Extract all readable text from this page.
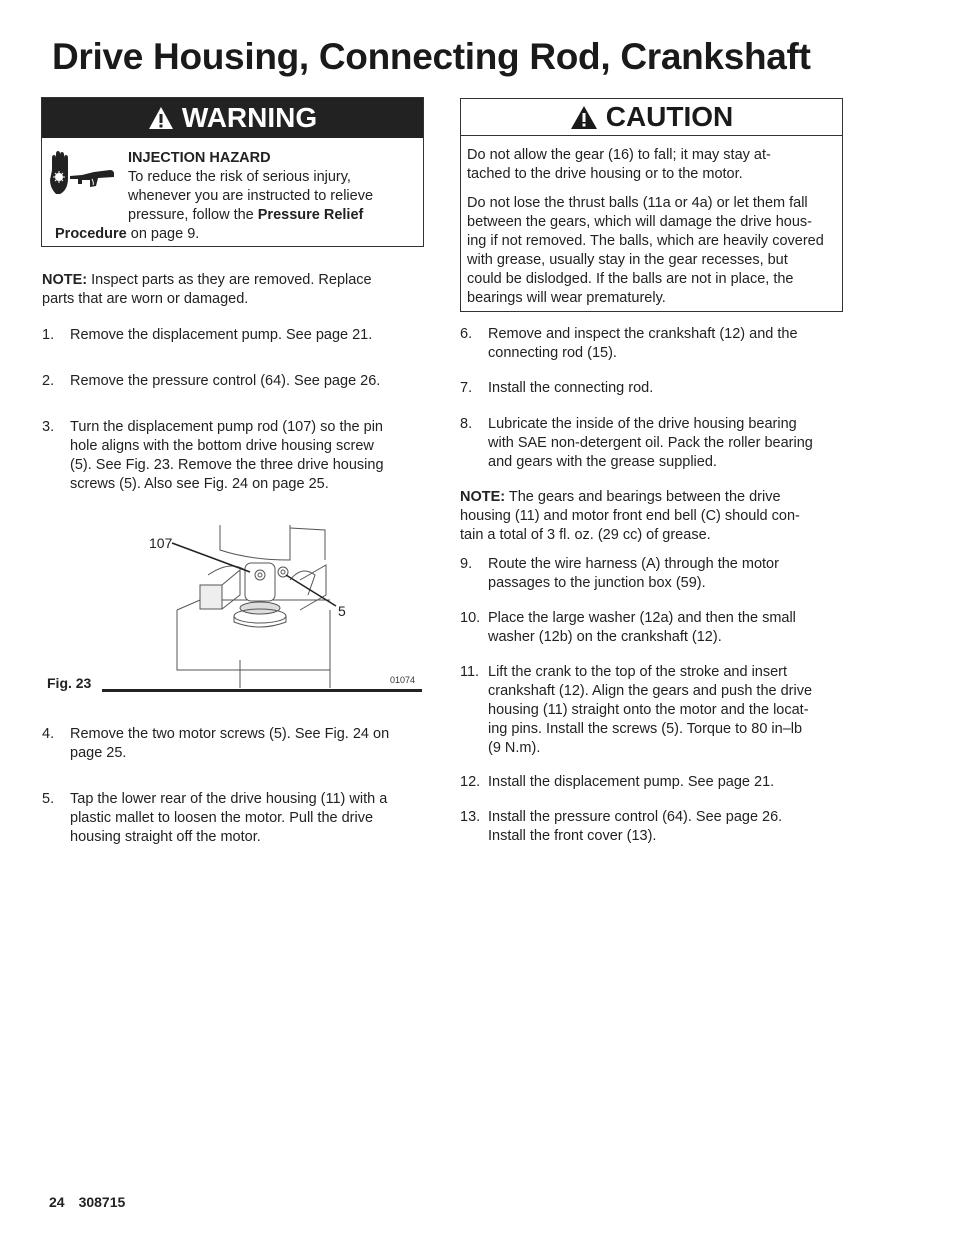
Drive Housing, Connecting Rod, Crankshaft
WARNING
INJECTION HAZARD
To reduce the risk of serious injury,
whenever you are instructed to relieve
pressure, follow the Pressure Relief
Procedure on page 9.
CAUTION
Do not allow the gear (16) to fall; it may stay at-
tached to the drive housing or to the motor.
Do not lose the thrust balls (11a or 4a) or let them fall
between the gears, which will damage the drive hous-
ing if not removed. The balls, which are heavily covered
with grease, usually stay in the gear recesses, but
could be dislodged. If the balls are not in place, the
bearings will wear prematurely.
NOTE: Inspect parts as they are removed. Replace
parts that are worn or damaged.
1. Remove the displacement pump. See page 21.
2. Remove the pressure control (64). See page 26.
3. Turn the displacement pump rod (107) so the pin
hole aligns with the bottom drive housing screw
(5). See Fig. 23. Remove the three drive housing
screws (5). Also see Fig. 24 on page 25.
107
5
Fig. 23	01074
4. Remove the two motor screws (5). See Fig. 24 on
page 25.
5. Tap the lower rear of the drive housing (11) with a
plastic mallet to loosen the motor. Pull the drive
housing straight off the motor.
6. Remove and inspect the crankshaft (12) and the
connecting rod (15).
7. Install the connecting rod.
8. Lubricate the inside of the drive housing bearing
with SAE non-detergent oil. Pack the roller bearing
and gears with the grease supplied.
NOTE: The gears and bearings between the drive
housing (11) and motor front end bell (C) should con-
tain a total of 3 fl. oz. (29 cc) of grease.
9. Route the wire harness (A) through the motor
passages to the junction box (59).
10. Place the large washer (12a) and then the small
washer (12b) on the crankshaft (12).
11. Lift the crank to the top of the stroke and insert
crankshaft (12). Align the gears and push the drive
housing (11) straight onto the motor and the locat-
ing pins. Install the screws (5). Torque to 80 in–lb
(9 N.m).
12. Install the displacement pump. See page 21.
13. Install the pressure control (64). See page 26.
Install the front cover (13).
24 308715
